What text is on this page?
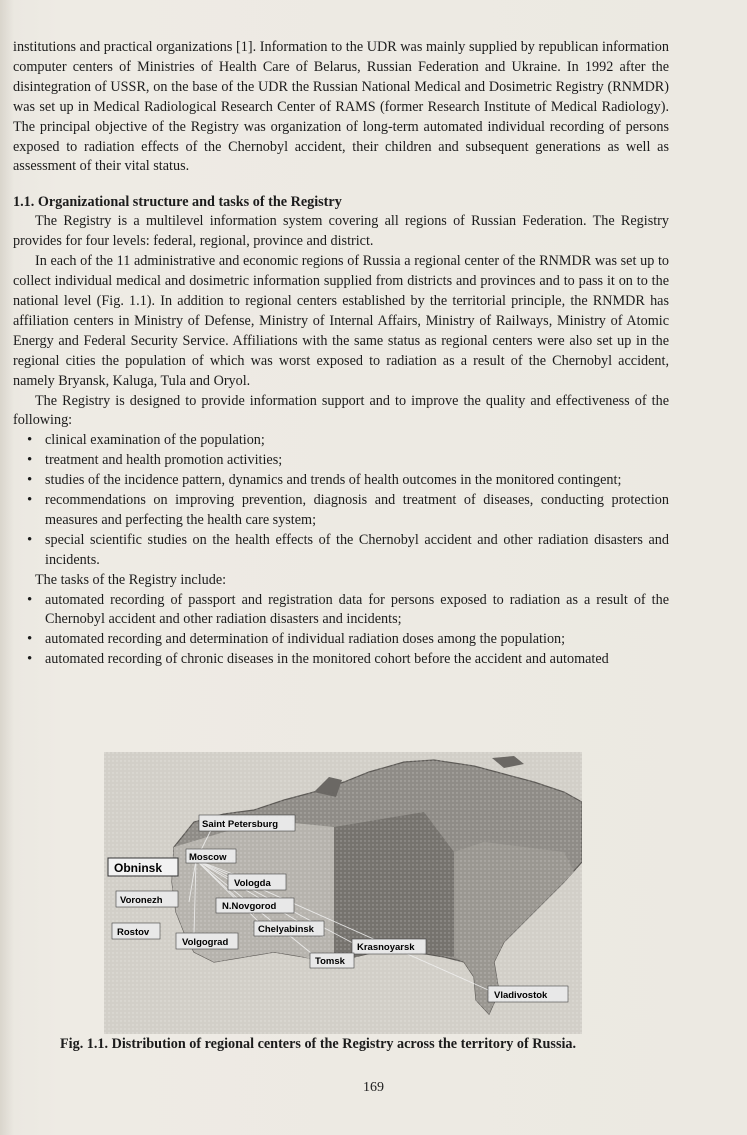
institutions and practical organizations [1]. Information to the UDR was mainly supplied by republican information computer centers of Ministries of Health Care of Belarus, Russian Federation and Ukraine. In 1992 after the disintegration of USSR, on the base of the UDR the Russian National Medical and Dosimetric Registry (RNMDR) was set up in Medical Radiological Research Center of RAMS (former Research Institute of Medical Radiology). The principal objective of the Registry was organization of long-term automated individual recording of persons exposed to radiation effects of the Chernobyl accident, their children and subsequent generations as well as assessment of their vital status.

1.1. Organizational structure and tasks of the Registry

The Registry is a multilevel information system covering all regions of Russian Federation. The Registry provides for four levels: federal, regional, province and district.

In each of the 11 administrative and economic regions of Russia a regional center of the RNMDR was set up to collect individual medical and dosimetric information supplied from districts and provinces and to pass it on to the national level (Fig. 1.1). In addition to regional centers established by the territorial principle, the RNMDR has affiliation centers in Ministry of Defense, Ministry of Internal Affairs, Ministry of Railways, Ministry of Atomic Energy and Federal Security Service. Affiliations with the same status as regional centers were also set up in the regional cities the population of which was worst exposed to radiation as a result of the Chernobyl accident, namely Bryansk, Kaluga, Tula and Oryol.

The Registry is designed to provide information support and to improve the quality and effectiveness of the following:

• clinical examination of the population;
• treatment and health promotion activities;
• studies of the incidence pattern, dynamics and trends of health outcomes in the monitored contingent;
• recommendations on improving prevention, diagnosis and treatment of diseases, conducting protection measures and perfecting the health care system;
• special scientific studies on the health effects of the Chernobyl accident and other radiation disasters and incidents.

The tasks of the Registry include:

• automated recording of passport and registration data for persons exposed to radiation as a result of the Chernobyl accident and other radiation disasters and incidents;
• automated recording and determination of individual radiation doses among the population;
• automated recording of chronic diseases in the monitored cohort before the accident and automated
Saint Petersburg
Moscow
Obninsk
Vologda
Voronezh
N.Novgorod
Rostov
Volgograd
Chelyabinsk
Krasnoyarsk
Tomsk
Vladivostok
Fig. 1.1. Distribution of regional centers of the Registry across the territory of Russia.
169
